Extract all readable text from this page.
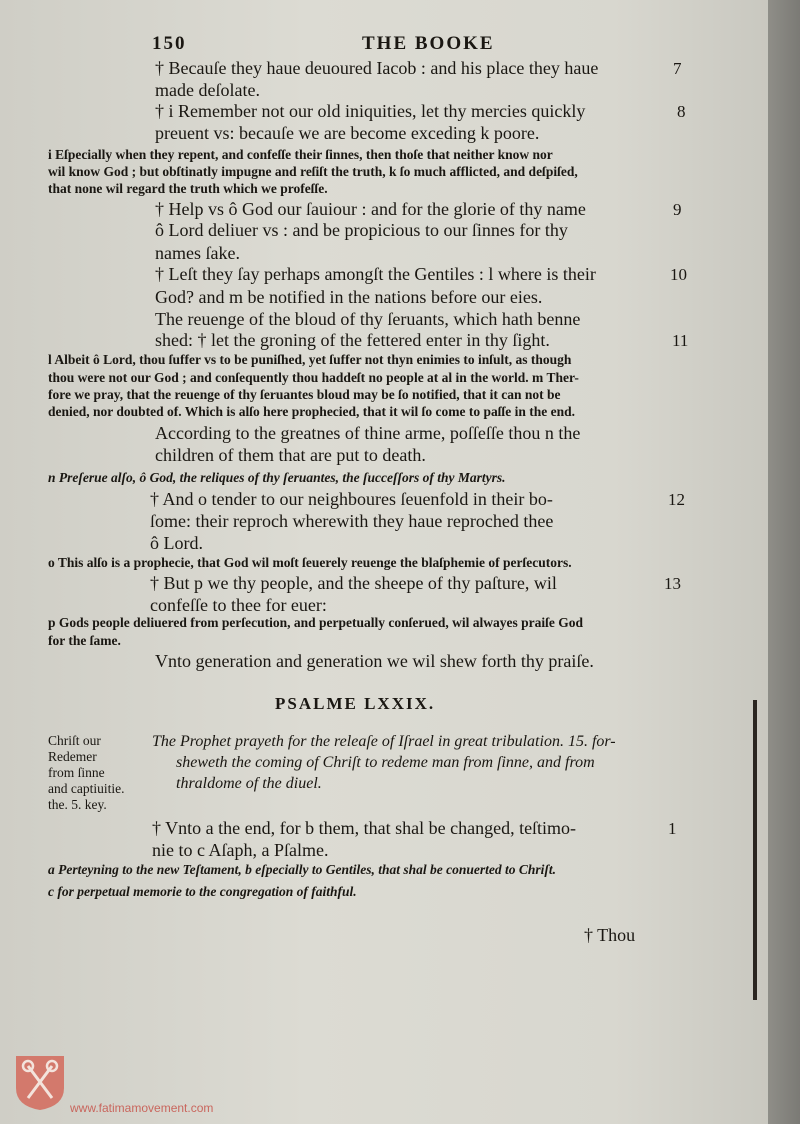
150	THE BOOKE
† Becauſe they haue deuoured Iacob : and his place they haue	7
made deſolate.
† i Remember not our old iniquities, let thy mercies quickly	8
preuent vs: becauſe we are become exceding k poore.
i Eſpecially when they repent, and confeſſe their ſinnes, then thoſe that neither know nor
wil know God ; but obſtinatly impugne and reſiſt the truth, k ſo much afflicted, and deſpiſed,
that none wil regard the truth which we profeſſe.
† Help vs ô God our ſauiour : and for the glorie of thy name	9
ô Lord deliuer vs : and be propicious to our ſinnes for thy
names ſake.
† Leſt they ſay perhaps amongſt the Gentiles : l where is their	10
God? and m be notified in the nations before our eies.
The reuenge of the bloud of thy ſeruants, which hath benne
shed: † let the groning of the fettered enter in thy ſight.	11
l Albeit ô Lord, thou ſuffer vs to be puniſhed, yet ſuffer not thyn enimies to inſult, as though
thou were not our God ; and conſequently thou haddeſt no people at al in the world. m Ther-
fore we pray, that the reuenge of thy ſeruantes bloud may be ſo notified, that it can not be
denied, nor doubted of. Which is alſo here prophecied, that it wil ſo come to paſſe in the end.
According to the greatnes of thine arme, poſſeſſe thou n the
children of them that are put to death.
n Preſerue alſo, ô God, the reliques of thy ſeruantes, the ſucceſſors of thy Martyrs.
† And o tender to our neighboures ſeuenfold in their bo-	12
ſome: their reproch wherewith they haue reproched thee
ô Lord.
o This alſo is a prophecie, that God wil moſt ſeuerely reuenge the blaſphemie of perſecutors.
† But p we thy people, and the sheepe of thy paſture, wil	13
confeſſe to thee for euer:
p Gods people deliuered from perſecution, and perpetually conſerued, wil alwayes praiſe God
for the ſame.
Vnto generation and generation we wil shew forth thy praiſe.
PSALME LXXIX.
Chriſt our
Redemer
from ſinne
and captiuitie.
the. 5. key.
The Prophet prayeth for the releaſe of Iſrael in great tribulation. 15. for-
sheweth the coming of Chriſt to redeme man from ſinne, and from
thraldome of the diuel.
† Vnto a the end, for b them, that shal be changed, teſtimo-	1
nie to c Aſaph, a Pſalme.
a Perteyning to the new Teſtament, b eſpecially to Gentiles, that shal be conuerted to Chriſt.
c for perpetual memorie to the congregation of faithful.
† Thou
www.fatimamovement.com
